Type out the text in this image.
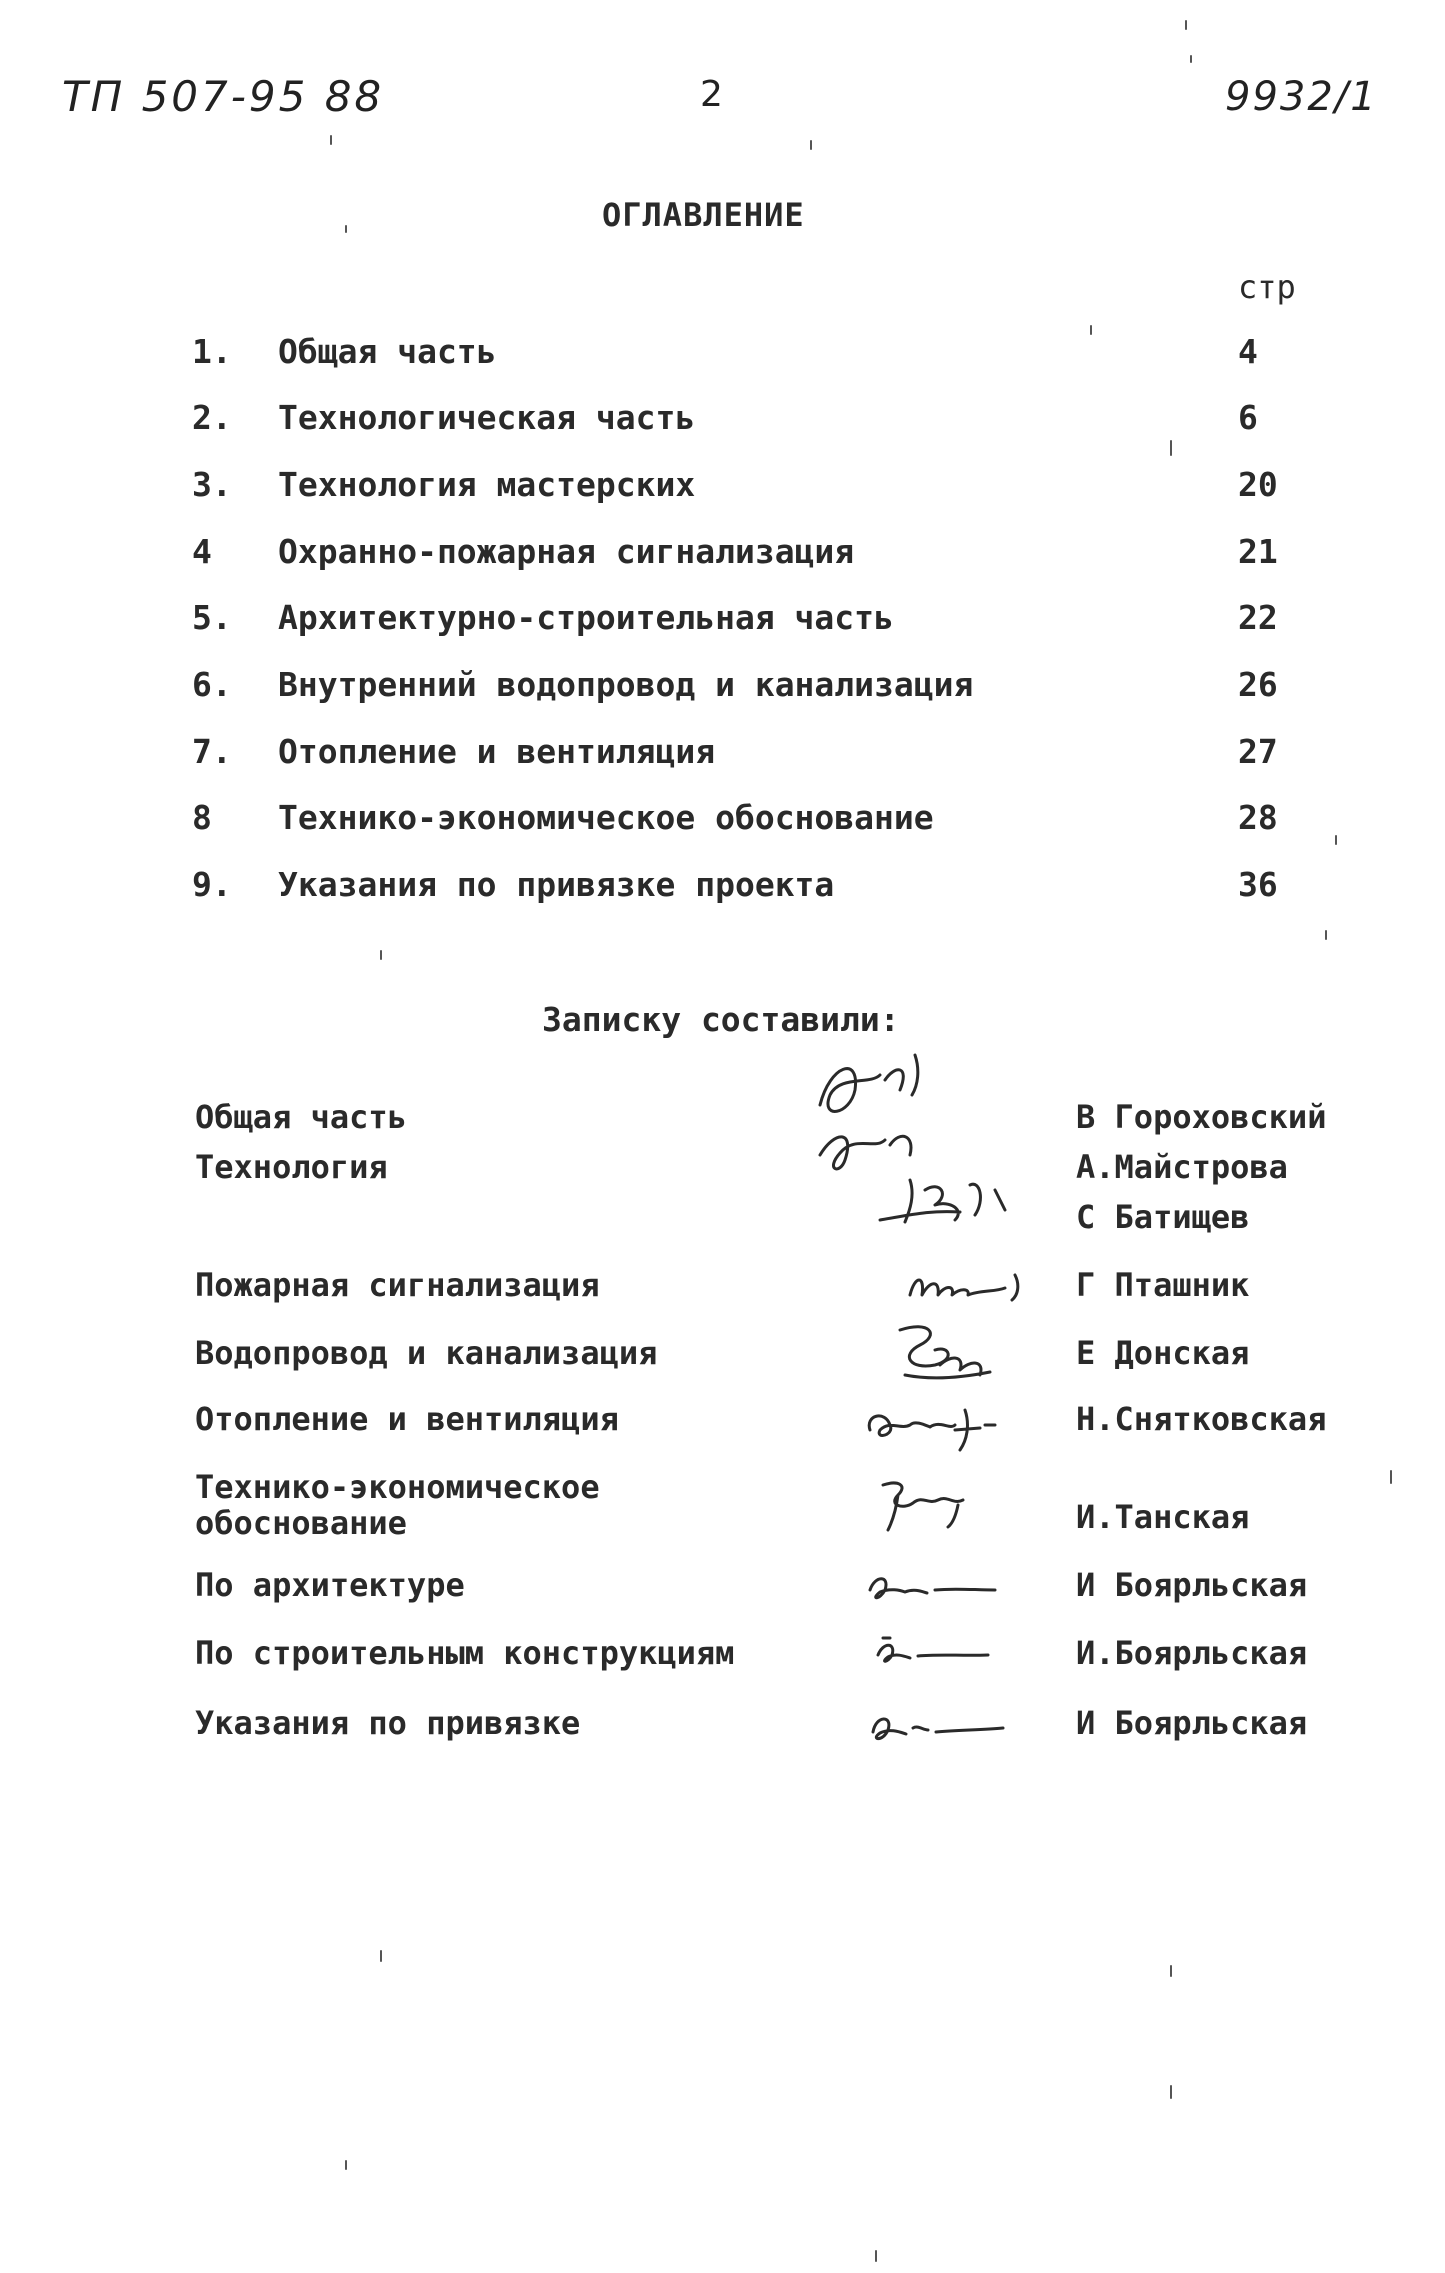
ТП 507-95 88	2	9932/1
ОГЛАВЛЕНИЕ
стр
1. Общая часть	4
2. Технологическая часть	6
3. Технология мастерских	20
4 Охранно-пожарная сигнализация	21
5. Архитектурно-строительная часть	22
6. Внутренний водопровод и канализация	26
7. Отопление и вентиляция	27
8 Технико-экономическое обоснование	28
9. Указания по привязке проекта	36
Записку составили:
Общая часть	В Гороховский
Технология	А.Майстрова
С Батищев
Пожарная сигнализация	Г Пташник
Водопровод и канализация	Е Донская
Отопление и вентиляция	Н.Снятковская
Технико-экономическое
обоснование	И.Танская
По архитектуре	И Боярльская
По строительным конструкциям	И.Боярльская
Указания по привязке	И Боярльская
